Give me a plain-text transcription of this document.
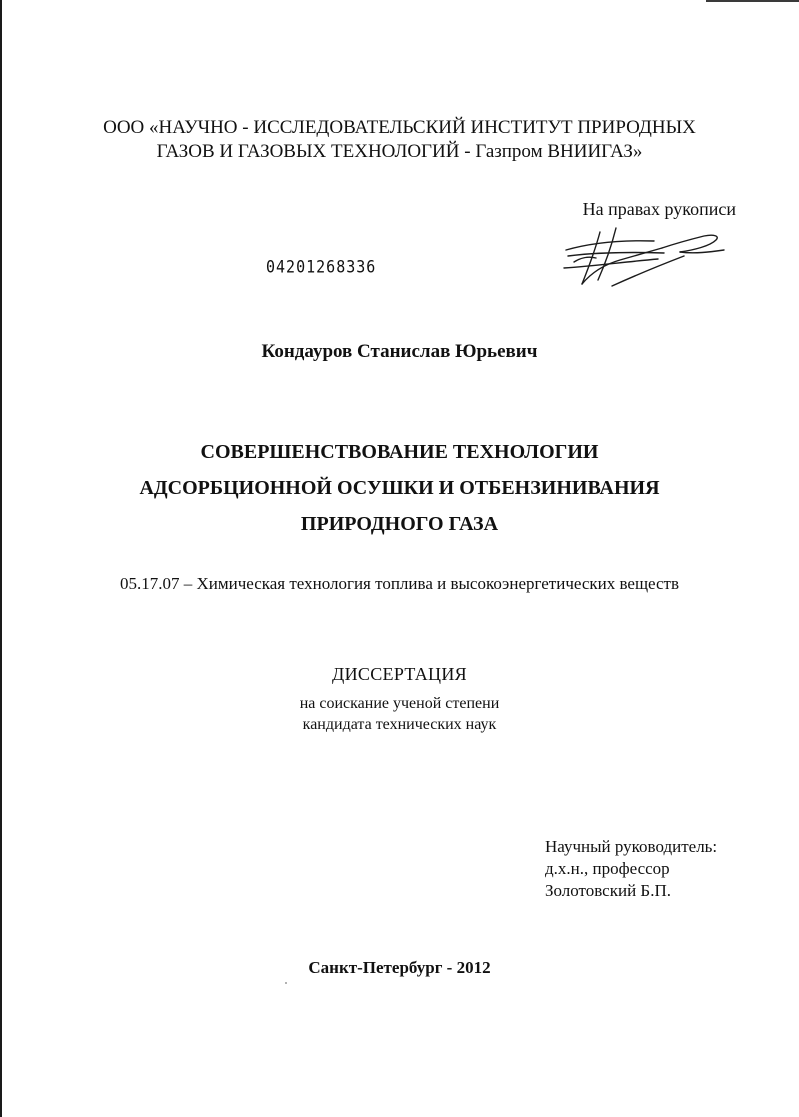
ООО «НАУЧНО - ИССЛЕДОВАТЕЛЬСКИЙ ИНСТИТУТ ПРИРОДНЫХ

ГАЗОВ И ГАЗОВЫХ ТЕХНОЛОГИЙ - Газпром ВНИИГАЗ»

На правах рукописи
04201268336
Кондауров Станислав Юрьевич

СОВЕРШЕНСТВОВАНИЕ ТЕХНОЛОГИИ

АДСОРБЦИОННОЙ ОСУШКИ И ОТБЕНЗИНИВАНИЯ

ПРИРОДНОГО ГАЗА

05.17.07 – Химическая технология топлива и высокоэнергетических веществ
ДИССЕРТАЦИЯ

на соискание ученой степени

кандидата технических наук

Научный руководитель:
д.х.н., профессор
Золотовский Б.П.
Санкт-Петербург - 2012
